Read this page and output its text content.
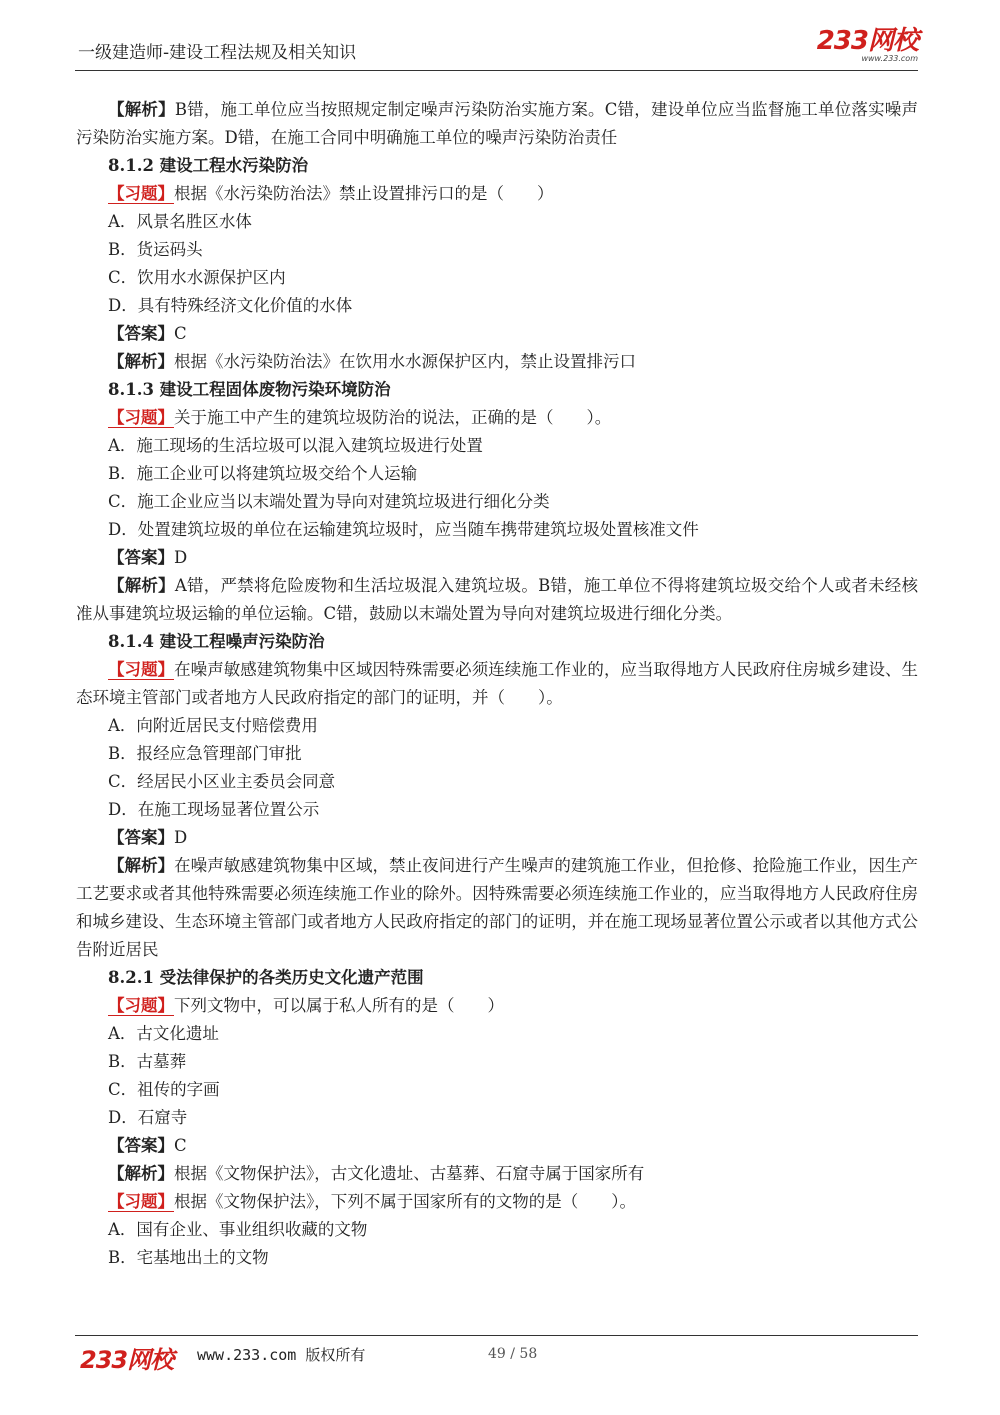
一级建造师-建设工程法规及相关知识	233网校
www.233.com
【解析】B错，施工单位应当按照规定制定噪声污染防治实施方案。C错，建设单位应当监督施工单位落实噪声污染防治实施方案。D错，在施工合同中明确施工单位的噪声污染防治责任
8.1.2 建设工程水污染防治
【习题】根据《水污染防治法》禁止设置排污口的是（　　）
A．风景名胜区水体
B．货运码头
C．饮用水水源保护区内
D．具有特殊经济文化价值的水体
【答案】C
【解析】根据《水污染防治法》在饮用水水源保护区内，禁止设置排污口
8.1.3 建设工程固体废物污染环境防治
【习题】关于施工中产生的建筑垃圾防治的说法，正确的是（　　）。
A．施工现场的生活垃圾可以混入建筑垃圾进行处置
B．施工企业可以将建筑垃圾交给个人运输
C．施工企业应当以末端处置为导向对建筑垃圾进行细化分类
D．处置建筑垃圾的单位在运输建筑垃圾时，应当随车携带建筑垃圾处置核准文件
【答案】D
【解析】A错，严禁将危险废物和生活垃圾混入建筑垃圾。B错，施工单位不得将建筑垃圾交给个人或者未经核准从事建筑垃圾运输的单位运输。C错，鼓励以末端处置为导向对建筑垃圾进行细化分类。
8.1.4 建设工程噪声污染防治
【习题】在噪声敏感建筑物集中区域因特殊需要必须连续施工作业的，应当取得地方人民政府住房城乡建设、生态环境主管部门或者地方人民政府指定的部门的证明，并（　　）。
A．向附近居民支付赔偿费用
B．报经应急管理部门审批
C．经居民小区业主委员会同意
D．在施工现场显著位置公示
【答案】D
【解析】在噪声敏感建筑物集中区域，禁止夜间进行产生噪声的建筑施工作业，但抢修、抢险施工作业，因生产工艺要求或者其他特殊需要必须连续施工作业的除外。因特殊需要必须连续施工作业的，应当取得地方人民政府住房和城乡建设、生态环境主管部门或者地方人民政府指定的部门的证明，并在施工现场显著位置公示或者以其他方式公告附近居民
8.2.1 受法律保护的各类历史文化遗产范围
【习题】下列文物中，可以属于私人所有的是（　　）
A．古文化遗址
B．古墓葬
C．祖传的字画
D．石窟寺
【答案】C
【解析】根据《文物保护法》，古文化遗址、古墓葬、石窟寺属于国家所有
【习题】根据《文物保护法》，下列不属于国家所有的文物的是（　　）。
A．国有企业、事业组织收藏的文物
B．宅基地出土的文物
233网校 www.233.com 版权所有	49 / 58
